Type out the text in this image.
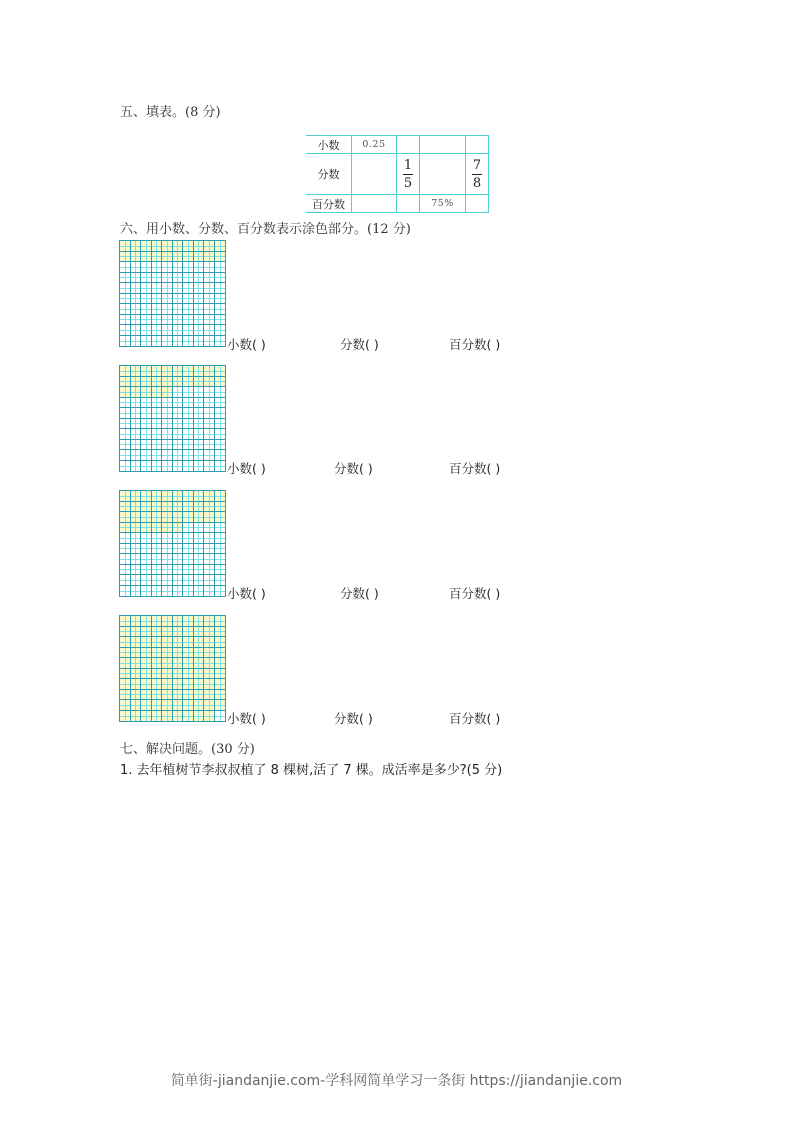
五、填表。(8 分)
小数	0.25			
分数		$\frac{1}{5}$		$\frac{7}{8}$

百分数			75%	
六、用小数、分数、百分数表示涂色部分。(12 分)
小数( )	分数( )	百分数( )
小数( )	分数( )	百分数( )
小数( )	分数( )	百分数( )
小数( )	分数( )	百分数( )
七、解决问题。(30 分)
1. 去年植树节李叔叔植了 8 棵树,活了 7 棵。成活率是多少?(5 分)
简单街-jiandanjie.com-学科网简单学习一条街 https://jiandanjie.com
